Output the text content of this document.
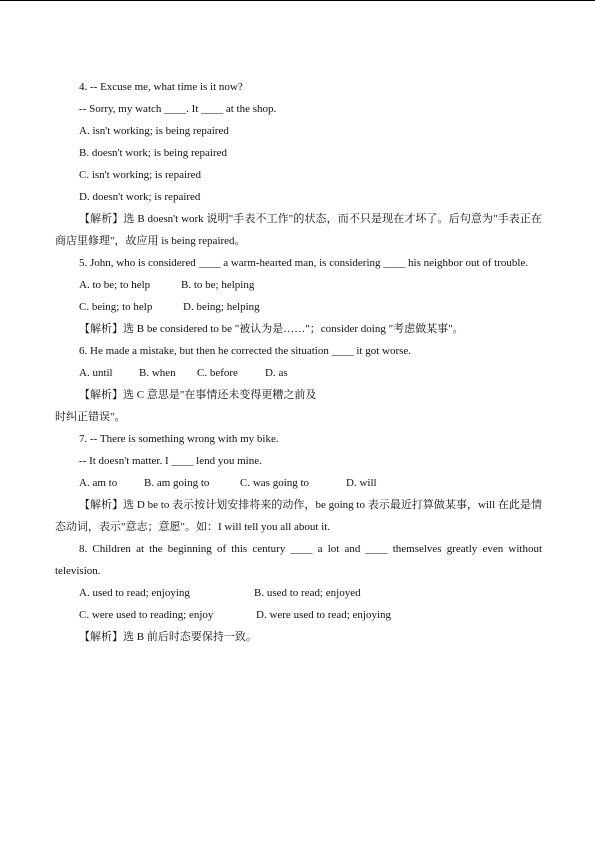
4. -- Excuse me, what time is it now?
-- Sorry, my watch ____. It ____ at the shop.
A. isn't working; is being repaired
B. doesn't work; is being repaired
C. isn't working; is repaired
D. doesn't work; is repaired
【解析】选 B doesn't work 说明"手表不工作"的状态，而不只是现在才坏了。后句意为"手表正在商店里修理"，故应用 is being repaired。
5. John, who is considered ____ a warm-hearted man, is considering ____ his neighbor out of trouble.
A. to be; to help	B. to be; helping
C. being; to help	D. being; helping
【解析】选 B be considered to be "被认为是……"；consider doing "考虑做某事"。
6. He made a mistake, but then he corrected the situation ____ it got worse.
A. until	B. when	C. before	D. as
【解析】选 C 意思是"在事情还未变得更糟之前及
时纠正错误"。
7. -- There is something wrong with my bike.
-- It doesn't matter. I ____ lend you mine.
A. am to	B. am going to	C. was going to	D. will
【解析】选 D be to 表示按计划安排将来的动作，be going to 表示最近打算做某事，will 在此是情态动词，表示"意志；意愿"。如：I will tell you all about it.
8. Children at the beginning of this century ____ a lot and ____ themselves greatly even without television.
A. used to read; enjoying	B. used to read; enjoyed
C. were used to reading; enjoy	D. were used to read; enjoying
【解析】选 B 前后时态要保持一致。
